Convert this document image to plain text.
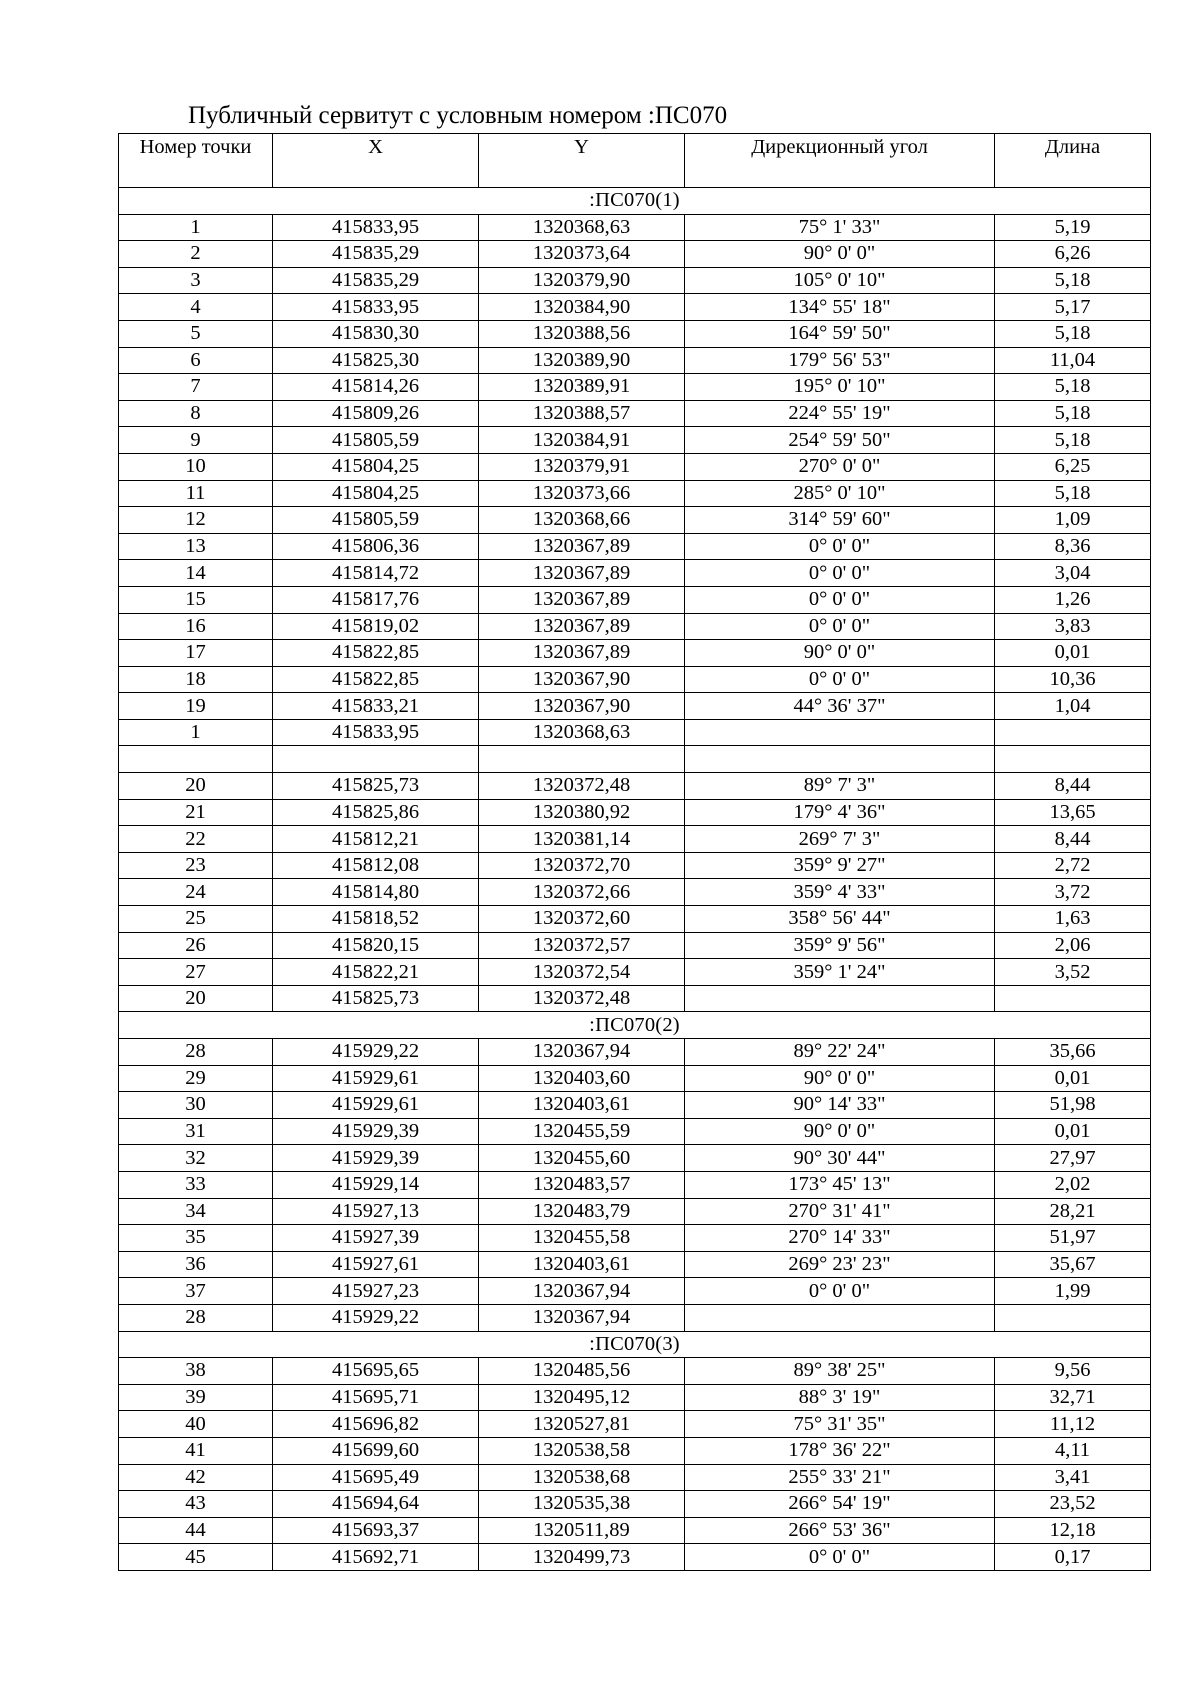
Публичный сервитут с условным номером :ПС070
Номер точки	X	Y	Дирекционный угол	Длина
:ПС070(1)				
1	415833,95	1320368,63	75° 1' 33"	5,19
2	415835,29	1320373,64	90° 0' 0"	6,26
3	415835,29	1320379,90	105° 0' 10"	5,18
4	415833,95	1320384,90	134° 55' 18"	5,17
5	415830,30	1320388,56	164° 59' 50"	5,18
6	415825,30	1320389,90	179° 56' 53"	11,04
7	415814,26	1320389,91	195° 0' 10"	5,18
8	415809,26	1320388,57	224° 55' 19"	5,18
9	415805,59	1320384,91	254° 59' 50"	5,18
10	415804,25	1320379,91	270° 0' 0"	6,25
11	415804,25	1320373,66	285° 0' 10"	5,18
12	415805,59	1320368,66	314° 59' 60"	1,09
13	415806,36	1320367,89	0° 0' 0"	8,36
14	415814,72	1320367,89	0° 0' 0"	3,04
15	415817,76	1320367,89	0° 0' 0"	1,26
16	415819,02	1320367,89	0° 0' 0"	3,83
17	415822,85	1320367,89	90° 0' 0"	0,01
18	415822,85	1320367,90	0° 0' 0"	10,36
19	415833,21	1320367,90	44° 36' 37"	1,04
1	415833,95	1320368,63		

20	415825,73	1320372,48	89° 7' 3"	8,44
21	415825,86	1320380,92	179° 4' 36"	13,65
22	415812,21	1320381,14	269° 7' 3"	8,44
23	415812,08	1320372,70	359° 9' 27"	2,72
24	415814,80	1320372,66	359° 4' 33"	3,72
25	415818,52	1320372,60	358° 56' 44"	1,63
26	415820,15	1320372,57	359° 9' 56"	2,06
27	415822,21	1320372,54	359° 1' 24"	3,52
20	415825,73	1320372,48		
:ПС070(2)				
28	415929,22	1320367,94	89° 22' 24"	35,66
29	415929,61	1320403,60	90° 0' 0"	0,01
30	415929,61	1320403,61	90° 14' 33"	51,98
31	415929,39	1320455,59	90° 0' 0"	0,01
32	415929,39	1320455,60	90° 30' 44"	27,97
33	415929,14	1320483,57	173° 45' 13"	2,02
34	415927,13	1320483,79	270° 31' 41"	28,21
35	415927,39	1320455,58	270° 14' 33"	51,97
36	415927,61	1320403,61	269° 23' 23"	35,67
37	415927,23	1320367,94	0° 0' 0"	1,99
28	415929,22	1320367,94		
:ПС070(3)				
38	415695,65	1320485,56	89° 38' 25"	9,56
39	415695,71	1320495,12	88° 3' 19"	32,71
40	415696,82	1320527,81	75° 31' 35"	11,12
41	415699,60	1320538,58	178° 36' 22"	4,11
42	415695,49	1320538,68	255° 33' 21"	3,41
43	415694,64	1320535,38	266° 54' 19"	23,52
44	415693,37	1320511,89	266° 53' 36"	12,18
45	415692,71	1320499,73	0° 0' 0"	0,17
